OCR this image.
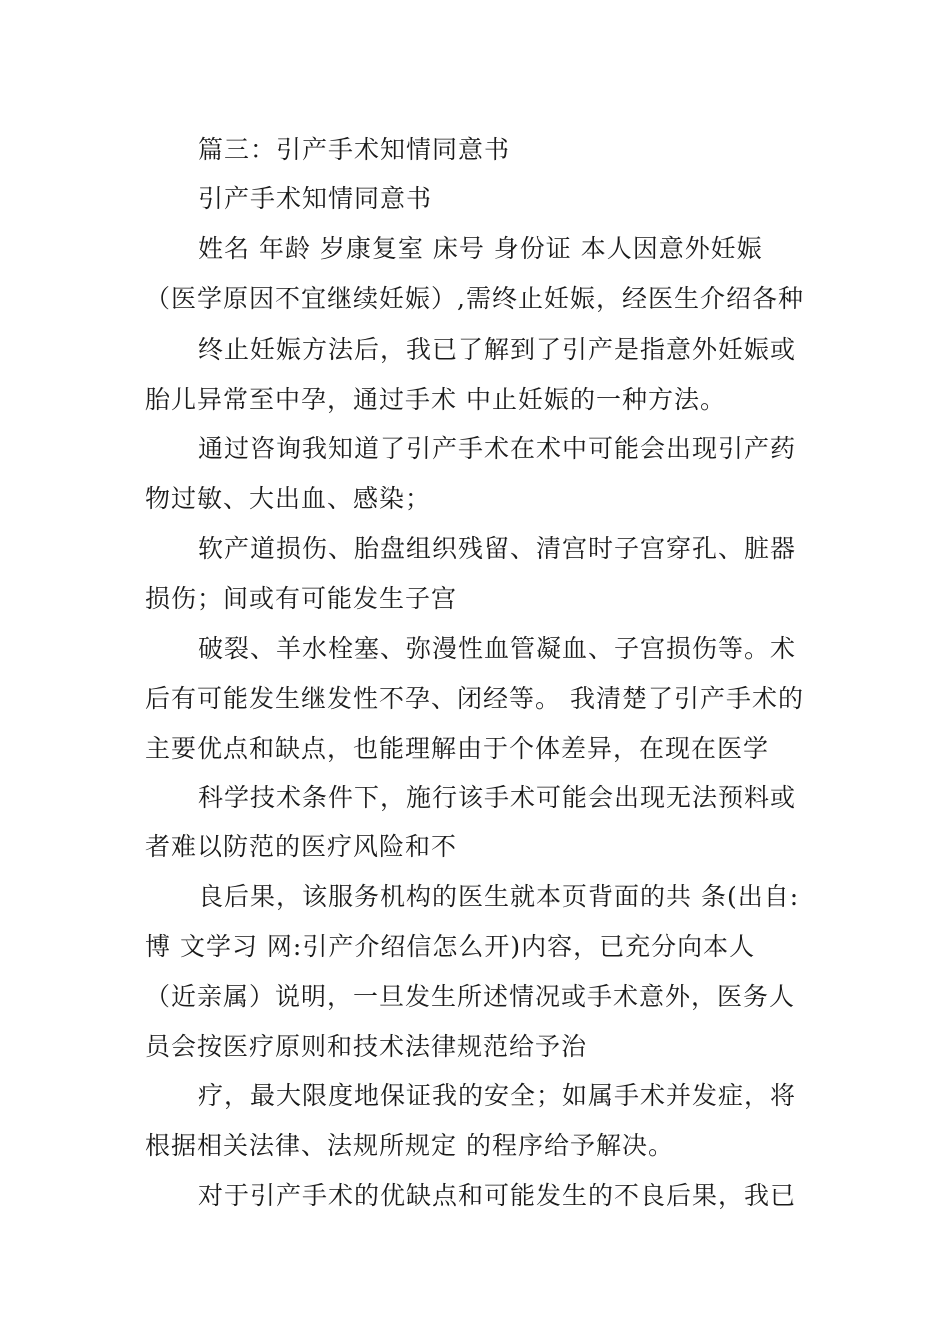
篇三：引产手术知情同意书
引产手术知情同意书
姓名 年龄 岁康复室 床号 身份证 本人因意外妊娠
（医学原因不宜继续妊娠）,需终止妊娠，经医生介绍各种
终止妊娠方法后，我已了解到了引产是指意外妊娠或
胎儿异常至中孕，通过手术 中止妊娠的一种方法。
通过咨询我知道了引产手术在术中可能会出现引产药
物过敏、大出血、感染；
软产道损伤、胎盘组织残留、清宫时子宫穿孔、脏器
损伤；间或有可能发生子宫
破裂、羊水栓塞、弥漫性血管凝血、子宫损伤等。术
后有可能发生继发性不孕、闭经等。 我清楚了引产手术的
主要优点和缺点，也能理解由于个体差异，在现在医学
科学技术条件下，施行该手术可能会出现无法预料或
者难以防范的医疗风险和不
良后果，该服务机构的医生就本页背面的共 条(出自:
博 文学习 网:引产介绍信怎么开)内容，已充分向本人
（近亲属）说明，一旦发生所述情况或手术意外，医务人
员会按医疗原则和技术法律规范给予治
疗，最大限度地保证我的安全；如属手术并发症，将
根据相关法律、法规所规定 的程序给予解决。
对于引产手术的优缺点和可能发生的不良后果，我已
